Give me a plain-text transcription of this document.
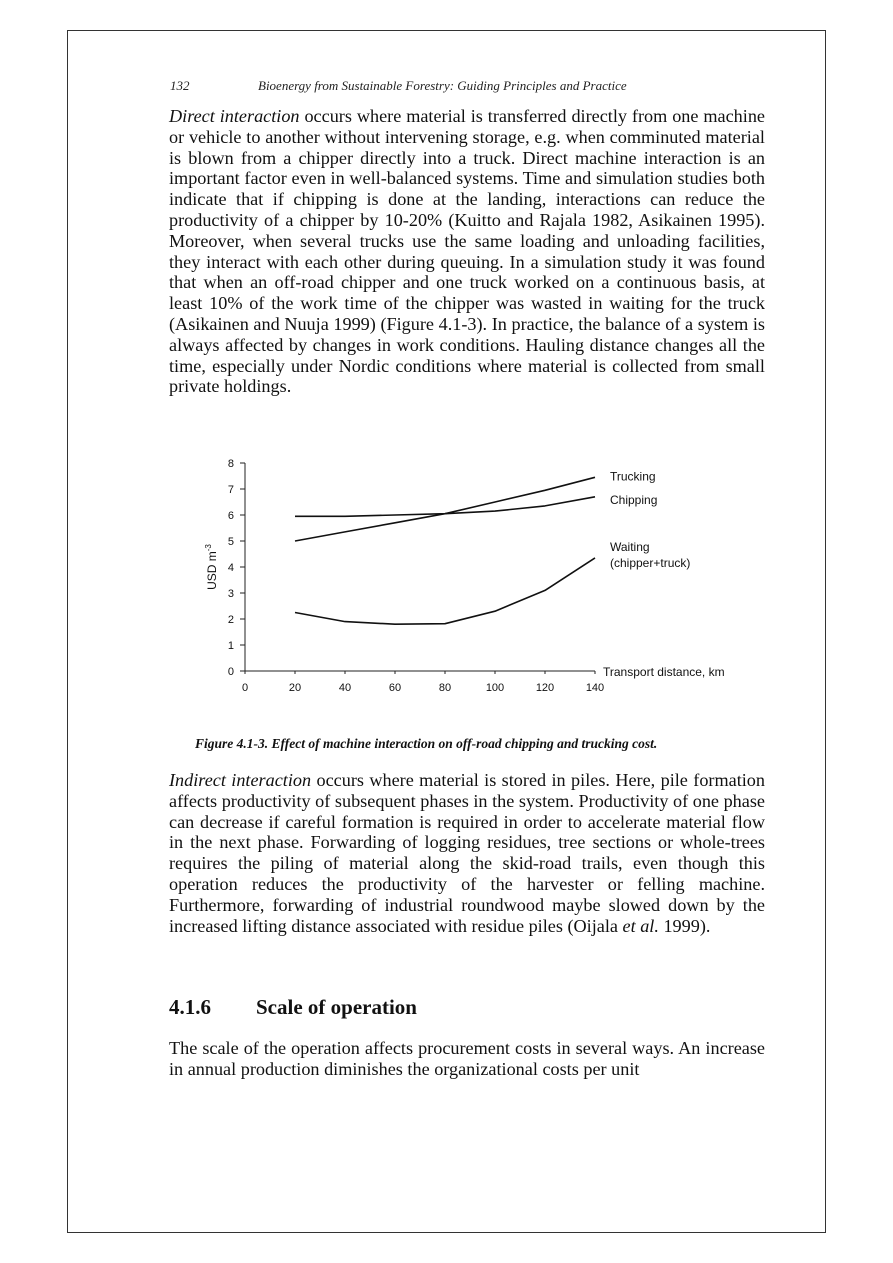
132	Bioenergy from Sustainable Forestry: Guiding Principles and Practice

Direct interaction occurs where material is transferred directly from one machine or vehicle to another without intervening storage, e.g. when comminuted material is blown from a chipper directly into a truck. Direct machine interaction is an important factor even in well-balanced systems. Time and simulation studies both indicate that if chipping is done at the landing, interactions can reduce the productivity of a chipper by 10-20% (Kuitto and Rajala 1982, Asikainen 1995). Moreover, when several trucks use the same loading and unloading facilities, they interact with each other during queuing. In a simulation study it was found that when an off-road chipper and one truck worked on a continuous basis, at least 10% of the work time of the chipper was wasted in waiting for the truck (Asikainen and Nuuja 1999) (Figure 4.1-3). In practice, the balance of a system is always affected by changes in work conditions. Hauling distance changes all the time, especially under Nordic conditions where material is collected from small private holdings.

0
1
2
3
4
5
6
7
8
0	20	40	60	80	100	120	140
USD $m^{-3}$
Transport distance, km
Trucking
Chipping
Waiting
(chipper+truck)

Figure 4.1-3. Effect of machine interaction on off-road chipping and trucking cost.

Indirect interaction occurs where material is stored in piles. Here, pile formation affects productivity of subsequent phases in the system. Productivity of one phase can decrease if careful formation is required in order to accelerate material flow in the next phase. Forwarding of logging residues, tree sections or whole-trees requires the piling of material along the skid-road trails, even though this operation reduces the productivity of the harvester or felling machine. Furthermore, forwarding of industrial roundwood maybe slowed down by the increased lifting distance associated with residue piles (Oijala et al. 1999).

4.1.6 Scale of operation

The scale of the operation affects procurement costs in several ways. An increase in annual production diminishes the organizational costs per unit
